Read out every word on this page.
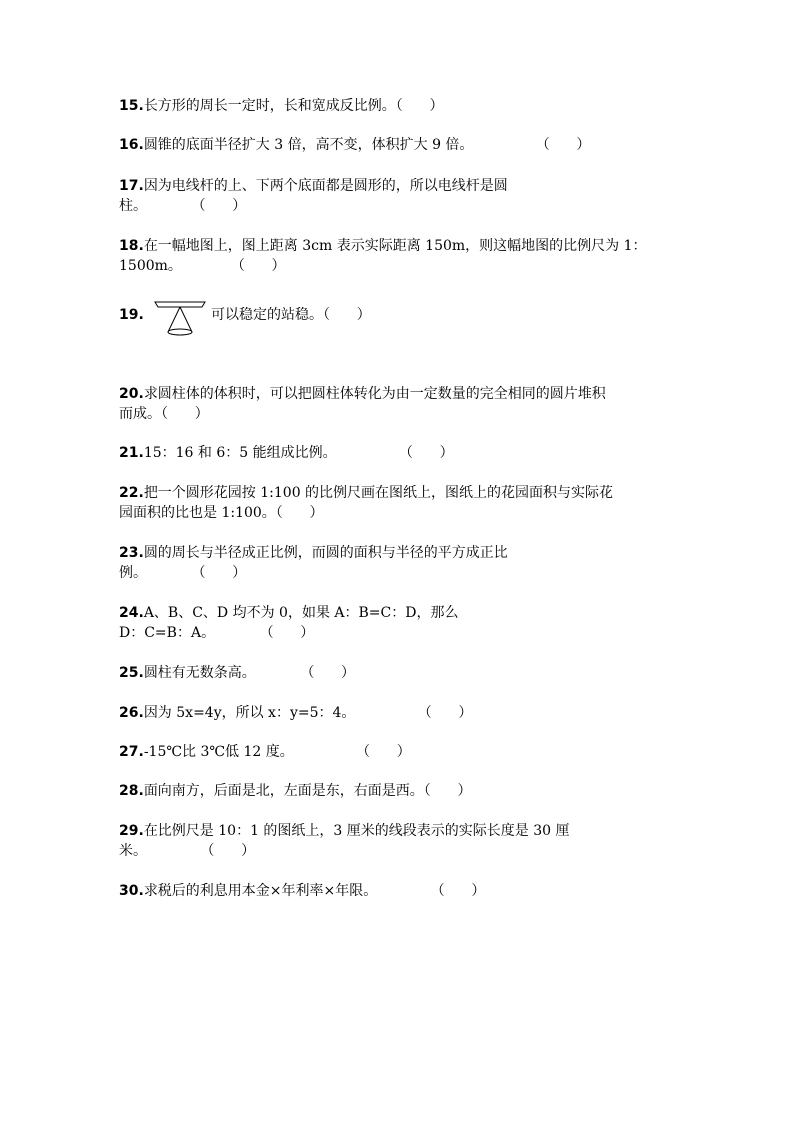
15.长方形的周长一定时，长和宽成反比例。（      ）
16.圆锥的底面半径扩大 3 倍，高不变，体积扩大 9 倍。              （      ）
17.因为电线杆的上、下两个底面都是圆形的，所以电线杆是圆
柱。          （      ）
18.在一幅地图上，图上距离 3cm 表示实际距离 150m，则这幅地图的比例尺为 1：
1500m。           （      ）
19.	可以稳定的站稳。（      ）
20.求圆柱体的体积时，可以把圆柱体转化为由一定数量的完全相同的圆片堆积
而成。（      ）
21.15：16 和 6：5 能组成比例。              （      ）
22.把一个圆形花园按 1:100 的比例尺画在图纸上，图纸上的花园面积与实际花
园面积的比也是 1:100。（      ）
23.圆的周长与半径成正比例，而圆的面积与半径的平方成正比
例。          （      ）
24.A、B、C、D 均不为 0，如果 A：B=C：D，那么
D：C=B：A。          （      ）
25.圆柱有无数条高。          （      ）
26.因为 5x=4y，所以 x：y=5：4。              （      ）
27.-15℃比 3℃低 12 度。              （      ）
28.面向南方，后面是北，左面是东，右面是西。（      ）
29.在比例尺是 10：1 的图纸上，3 厘米的线段表示的实际长度是 30 厘
米。            （      ）
30.求税后的利息用本金×年利率×年限。            （      ）
